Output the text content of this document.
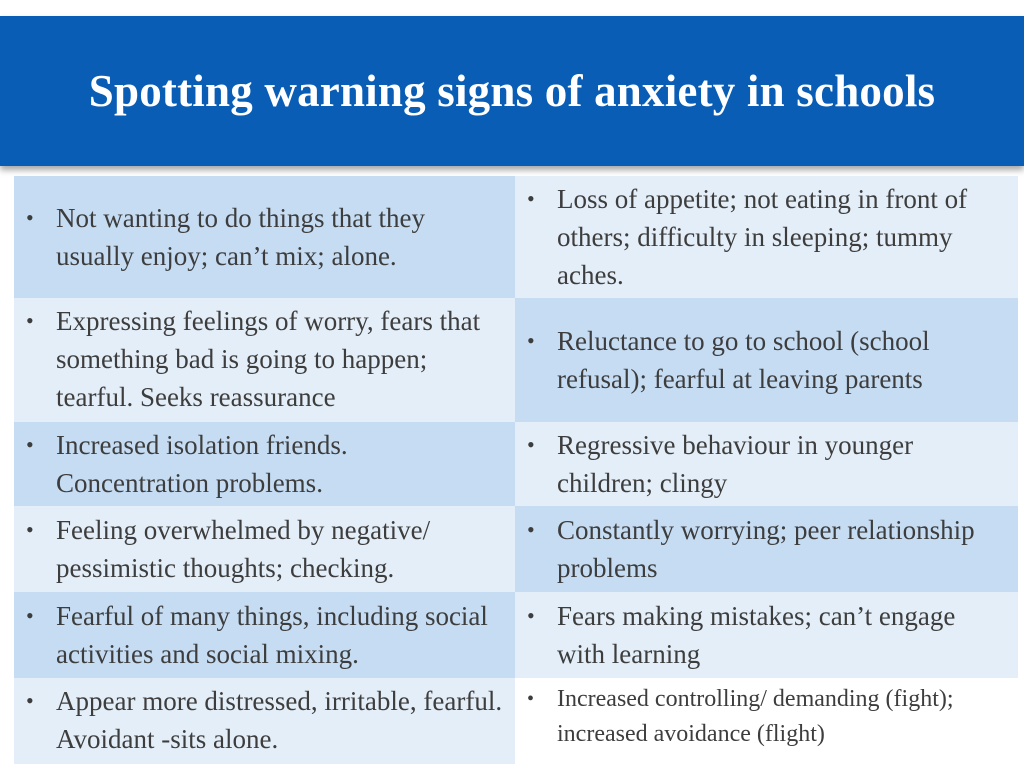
Spotting warning signs of anxiety in schools
• Not wanting to do things that they usually enjoy; can’t mix; alone.
• Loss of appetite; not eating in front of others; difficulty in sleeping; tummy aches.
• Expressing feelings of worry, fears that something bad is going to happen; tearful. Seeks reassurance
• Reluctance to go to school (school refusal); fearful at leaving parents
• Increased isolation friends. Concentration problems.
• Regressive behaviour in younger children; clingy
• Feeling overwhelmed by negative/ pessimistic thoughts; checking.
• Constantly worrying; peer relationship problems
• Fearful of many things, including social activities and social mixing.
• Fears making mistakes; can’t engage with learning
• Appear more distressed, irritable, fearful. Avoidant -sits alone.
• Increased controlling/ demanding (fight); increased avoidance (flight)
